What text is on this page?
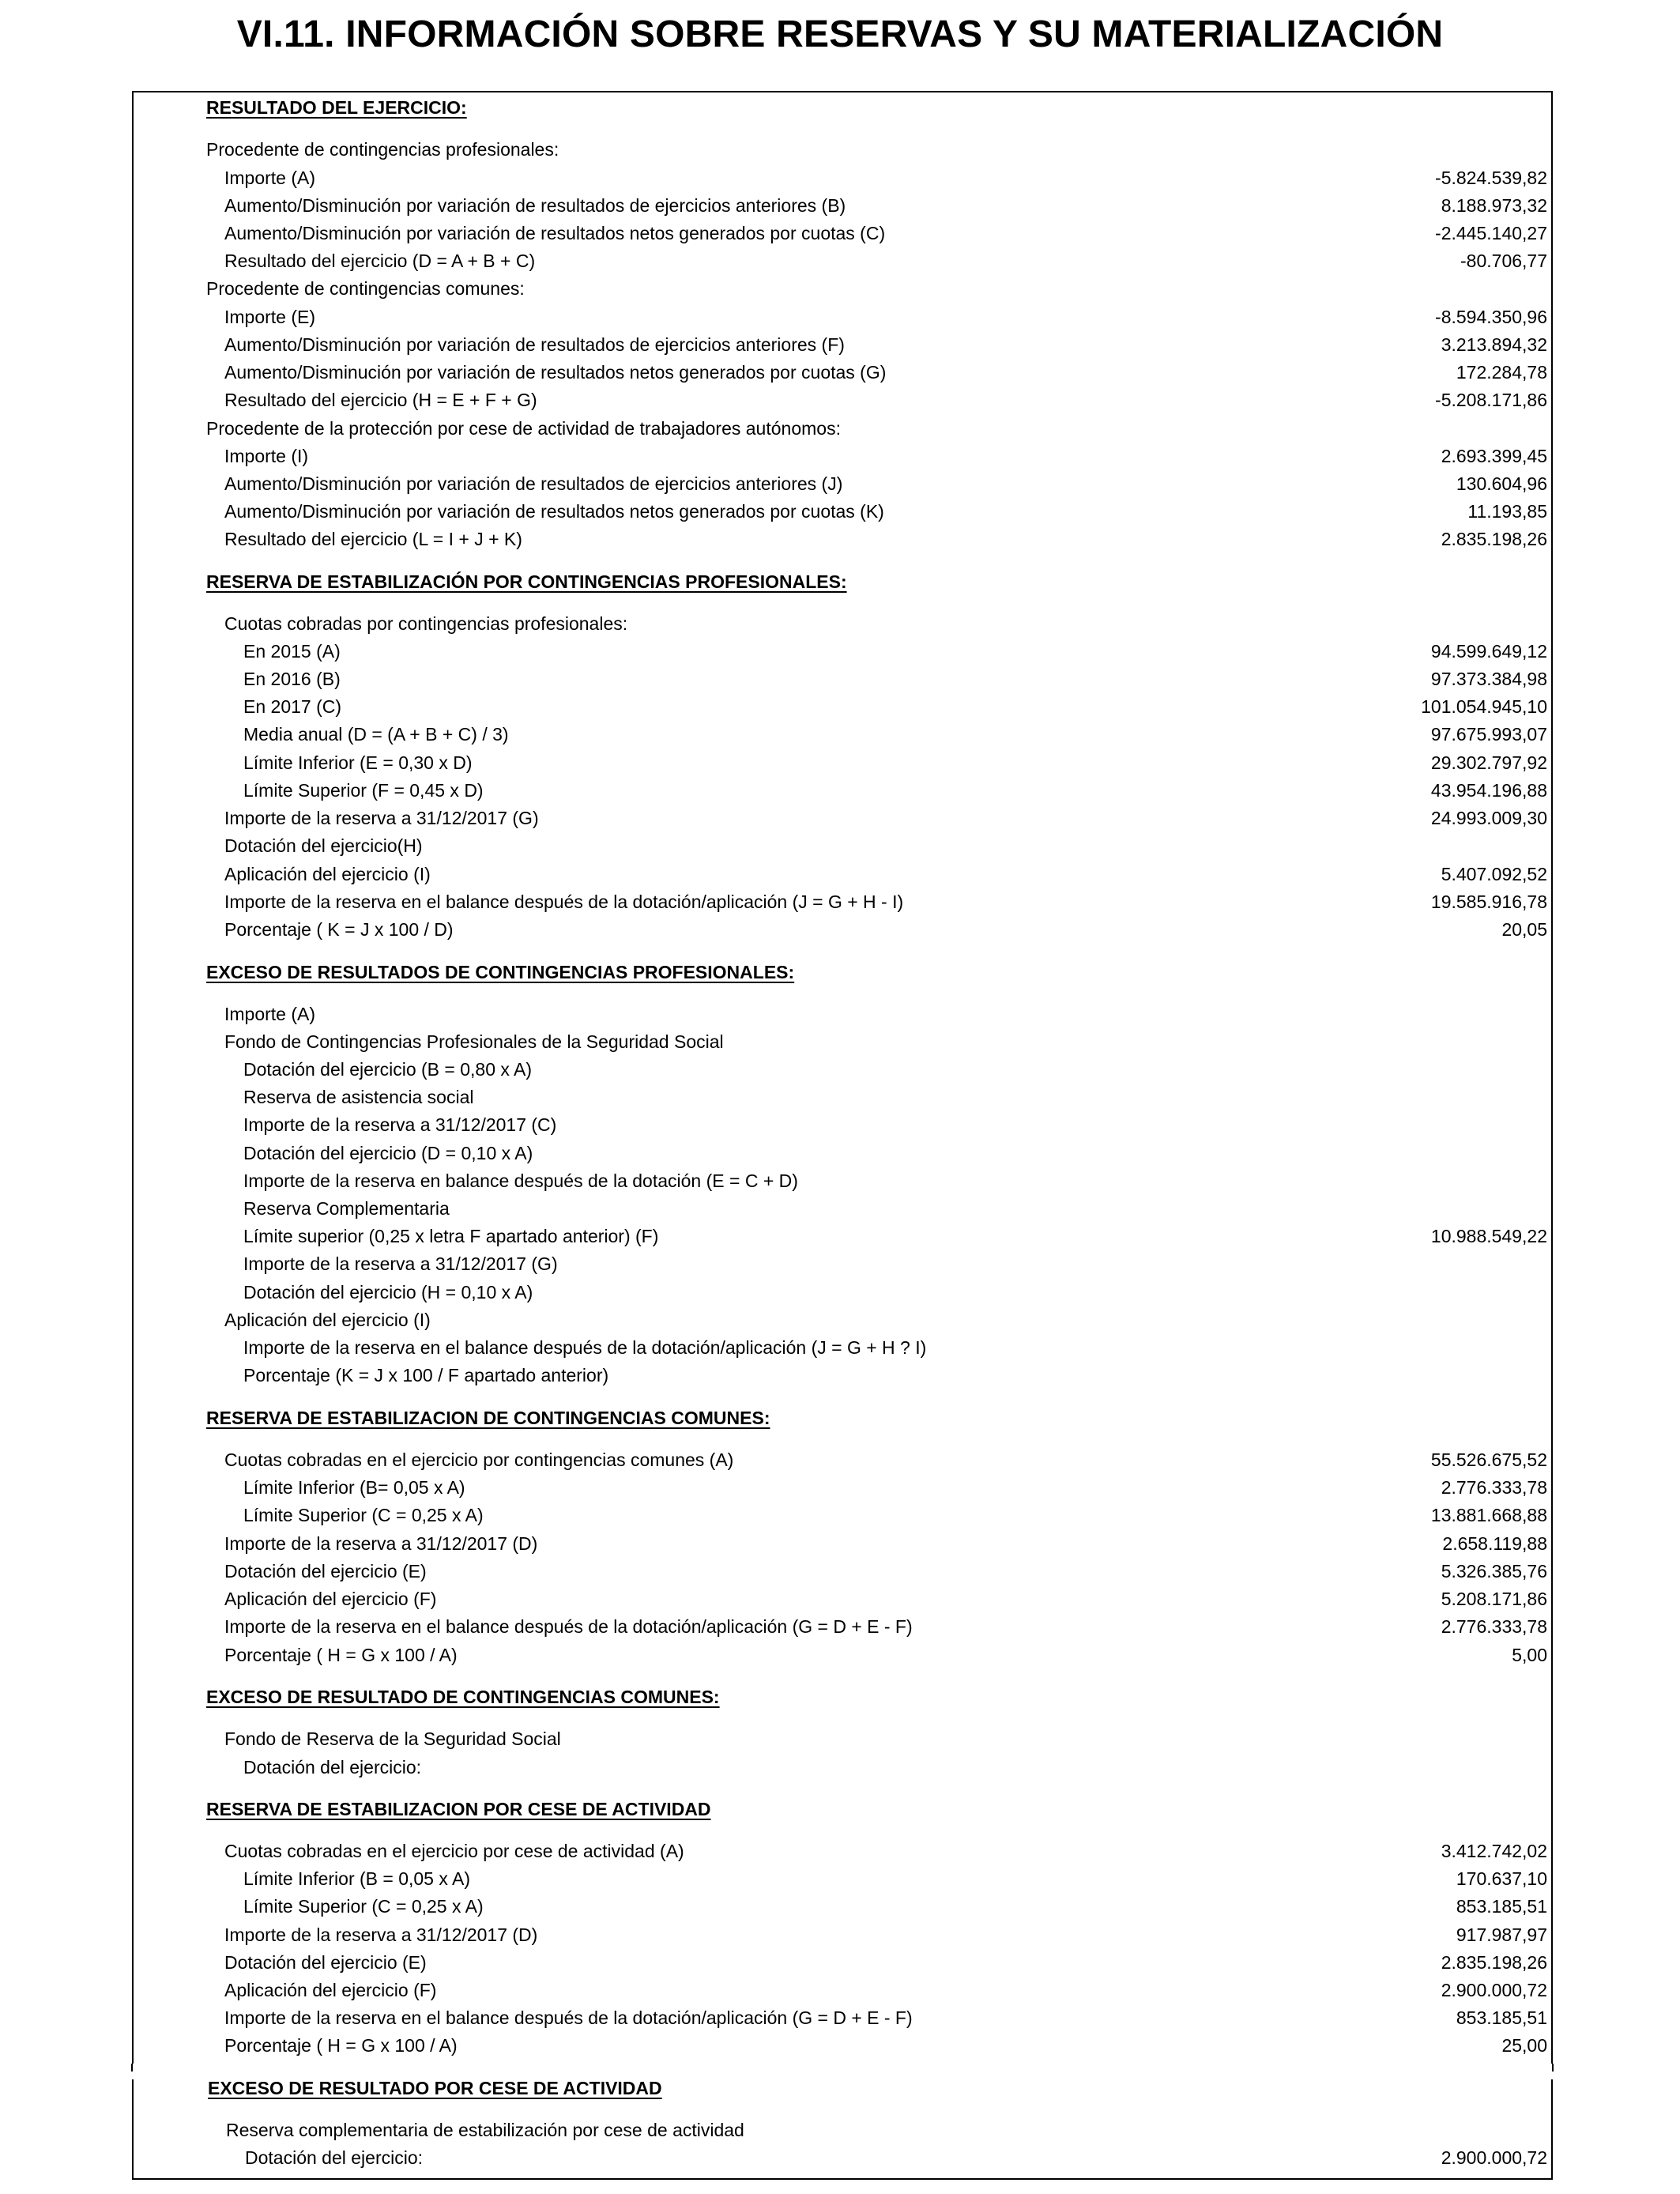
VI.11. INFORMACIÓN SOBRE RESERVAS Y SU MATERIALIZACIÓN
RESULTADO DEL EJERCICIO:
Procedente de contingencias profesionales:
Importe (A)	-5.824.539,82
Aumento/Disminución por variación de resultados de ejercicios anteriores (B)	8.188.973,32
Aumento/Disminución por variación de resultados netos generados por cuotas (C)	-2.445.140,27
Resultado del ejercicio (D = A + B + C)	-80.706,77
Procedente de contingencias comunes:
Importe (E)	-8.594.350,96
Aumento/Disminución por variación de resultados de ejercicios anteriores (F)	3.213.894,32
Aumento/Disminución por variación de resultados netos generados por cuotas (G)	172.284,78
Resultado del ejercicio (H = E + F + G)	-5.208.171,86
Procedente de la protección por cese de actividad de trabajadores autónomos:
Importe (I)	2.693.399,45
Aumento/Disminución por variación de resultados de ejercicios anteriores (J)	130.604,96
Aumento/Disminución por variación de resultados netos generados por cuotas (K)	11.193,85
Resultado del ejercicio (L = I + J + K)	2.835.198,26
RESERVA DE ESTABILIZACIÓN POR CONTINGENCIAS PROFESIONALES:
Cuotas cobradas por contingencias profesionales:
En 2015 (A)	94.599.649,12
En 2016 (B)	97.373.384,98
En 2017 (C)	101.054.945,10
Media anual (D = (A + B + C) / 3)	97.675.993,07
Límite Inferior (E = 0,30 x D)	29.302.797,92
Límite Superior (F = 0,45 x D)	43.954.196,88
Importe de la reserva a 31/12/2017 (G)	24.993.009,30
Dotación del ejercicio(H)
Aplicación del ejercicio (I)	5.407.092,52
Importe de la reserva en el balance después de la dotación/aplicación (J = G + H - I)	19.585.916,78
Porcentaje ( K = J x 100 / D)	20,05
EXCESO DE RESULTADOS DE CONTINGENCIAS PROFESIONALES:
Importe (A)
Fondo de Contingencias Profesionales de la Seguridad Social
Dotación del ejercicio (B = 0,80 x A)
Reserva de asistencia social
Importe de la reserva a 31/12/2017 (C)
Dotación del ejercicio (D = 0,10 x A)
Importe de la reserva en balance después de la dotación (E = C + D)
Reserva Complementaria
Límite superior (0,25 x letra F apartado anterior) (F)	10.988.549,22
Importe de la reserva a 31/12/2017 (G)
Dotación del ejercicio (H = 0,10 x A)
Aplicación del ejercicio (I)
Importe de la reserva en el balance después de la dotación/aplicación (J = G + H ? I)
Porcentaje (K = J x 100 / F apartado anterior)
RESERVA DE ESTABILIZACION DE CONTINGENCIAS COMUNES:
Cuotas cobradas en el ejercicio por contingencias comunes (A)	55.526.675,52
Límite Inferior (B= 0,05 x A)	2.776.333,78
Límite Superior (C = 0,25 x A)	13.881.668,88
Importe de la reserva a 31/12/2017 (D)	2.658.119,88
Dotación del ejercicio (E)	5.326.385,76
Aplicación del ejercicio (F)	5.208.171,86
Importe de la reserva en el balance después de la dotación/aplicación (G = D + E - F)	2.776.333,78
Porcentaje ( H = G x 100 / A)	5,00
EXCESO DE RESULTADO DE CONTINGENCIAS COMUNES:
Fondo de Reserva de la Seguridad Social
Dotación del ejercicio:
RESERVA DE ESTABILIZACION POR CESE DE ACTIVIDAD
Cuotas cobradas en el ejercicio por cese de actividad (A)	3.412.742,02
Límite Inferior (B = 0,05 x A)	170.637,10
Límite Superior (C = 0,25 x A)	853.185,51
Importe de la reserva a 31/12/2017 (D)	917.987,97
Dotación del ejercicio (E)	2.835.198,26
Aplicación del ejercicio (F)	2.900.000,72
Importe de la reserva en el balance después de la dotación/aplicación (G = D + E - F)	853.185,51
Porcentaje ( H = G x 100 / A)	25,00
EXCESO DE RESULTADO POR CESE DE ACTIVIDAD
Reserva complementaria de estabilización por cese de actividad
Dotación del ejercicio:	2.900.000,72
